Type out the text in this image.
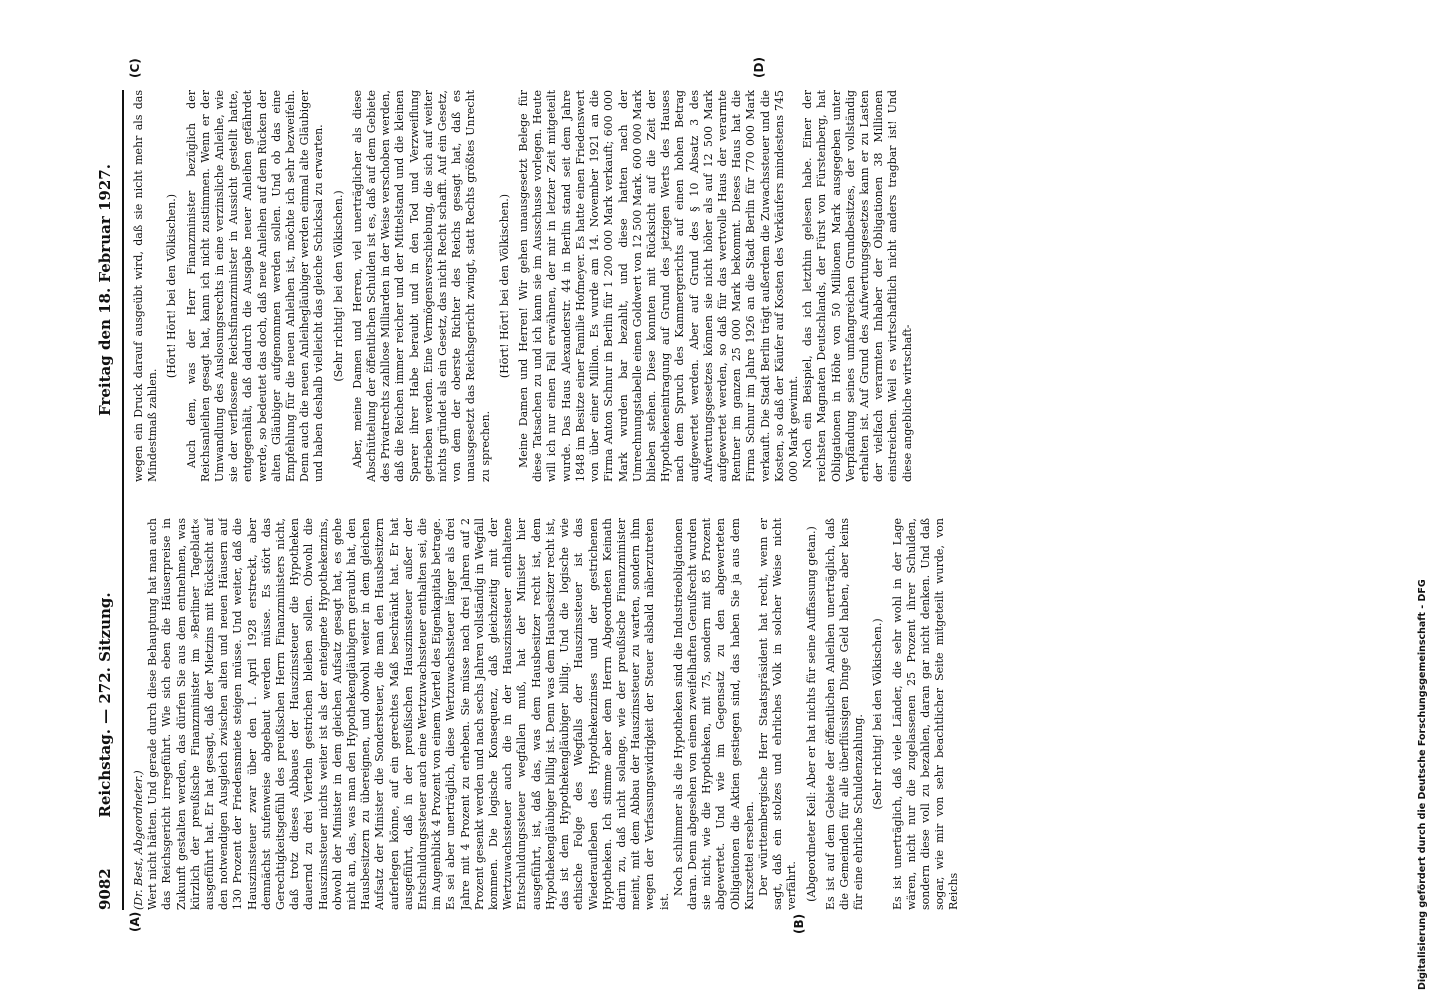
9082
Reichstag. — 272. Sitzung.
Freitag den 18. Februar 1927.
(A)	(B)
(C)	(D)

(Dr. Best, Abgeordneter.) Wert nicht hätten. Und gerade durch diese Behauptung hat man auch das Reichsgericht irregeführt. Wie sich eben die Häuserpreise in Zukunft gestalten werden, das dürfen Sie aus dem entnehmen, was kürzlich der preußische Finanzminister im »Berliner Tageblatt« ausgeführt hat. Er hat gesagt, daß der Mietzins mit Rücksicht auf den notwendigen Ausgleich zwischen alten und neuen Häusern auf 130 Prozent der Friedensmiete steigen müsse. Und weiter, daß die Hauszinssteuer zwar über den 1. April 1928 erstreckt, aber demnächst stufenweise abgebaut werden müsse. Es stört das Gerechtigkeitsgefühl des preußischen Herrn Finanzministers nicht, daß trotz dieses Abbaues der Hauszinssteuer die Hypotheken dauernd zu drei Vierteln gestrichen bleiben sollen. Obwohl die Hauszinssteuer nichts weiter ist als der enteignete Hypothekenzins, obwohl der Minister in dem gleichen Aufsatz gesagt hat, es gehe nicht an, das, was man den Hypothekengläubigern geraubt hat, den Hausbesitzern zu übereignen, und obwohl weiter in dem gleichen Aufsatz der Minister die Sondersteuer, die man den Hausbesitzern auferlegen könne, auf ein gerechtes Maß beschränkt hat. Er hat ausgeführt, daß in der preußischen Hauszinssteuer außer der Entschuldungssteuer auch eine Wertzuwachssteuer enthalten sei, die im Augenblick 4 Prozent von einem Viertel des Eigenkapitals betrage. Es sei aber unerträglich, diese Wertzuwachssteuer länger als drei Jahre mit 4 Prozent zu erheben. Sie müsse nach drei Jahren auf 2 Prozent gesenkt werden und nach sechs Jahren vollständig in Wegfall kommen. Die logische Konsequenz, daß gleichzeitig mit der Wertzuwachssteuer auch die in der Hauszinssteuer enthaltene Entschuldungssteuer wegfallen muß, hat der Minister hier ausgeführt, ist, daß das, was dem Hausbesitzer recht ist, dem Hypothekengläubiger billig ist. Denn was dem Hausbesitzer recht ist, das ist dem Hypothekengläubiger billig. Und die logische wie ethische Folge des Wegfalls der Hauszinssteuer ist das Wiederaufleben des Hypothekenzinses und der gestrichenen Hypotheken. Ich stimme aber dem Herrn Abgeordneten Keinath darin zu, daß nicht solange, wie der preußische Finanzminister meint, mit dem Abbau der Hauszinssteuer zu warten, sondern ihm wegen der Verfassungswidrigkeit der Steuer alsbald näherzutreten ist.

Noch schlimmer als die Hypotheken sind die Industrieobligationen daran. Denn abgesehen von einem zweifelhaften Genußrecht wurden sie nicht, wie die Hypotheken, mit 75, sondern mit 85 Prozent abgewertet. Und wie im Gegensatz zu den abgewerteten Obligationen die Aktien gestiegen sind, das haben Sie ja aus dem Kurszettel ersehen. Der württembergische Herr Staatspräsident hat recht, wenn er sagt, daß ein stolzes und ehrliches Volk in solcher Weise nicht verfährt. (Abgeordneter Keil: Aber er hat nichts für seine Auffassung getan.) Es ist auf dem Gebiete der öffentlichen Anleihen unerträglich, daß die Gemeinden für alle überflüssigen Dinge Geld haben, aber keins für eine ehrliche Schuldenzahlung.

(Sehr richtig! bei den Völkischen.) Es ist unerträglich, daß viele Länder, die sehr wohl in der Lage wären, nicht nur die zugelassenen 25 Prozent ihrer Schulden, sondern diese voll zu bezahlen, daran gar nicht denken. Und daß sogar, wie mir von sehr beachtlicher Seite mitgeteilt wurde, von Reichs

wegen ein Druck darauf ausgeübt wird, daß sie nicht mehr als das Mindestmaß zahlen.

(Hört! Hört! bei den Völkischen.) Auch dem, was der Herr Finanzminister bezüglich der Reichsanleihen gesagt hat, kann ich nicht zustimmen. Wenn er der Umwandlung des Auslosungsrechts in eine verzinsliche Anleihe, wie sie der verflossene Reichsfinanzminister in Aussicht gestellt hatte, entgegenhält, daß dadurch die Ausgabe neuer Anleihen gefährdet werde, so bedeutet das doch, daß neue Anleihen auf dem Rücken der alten Gläubiger aufgenommen werden sollen. Und ob das eine Empfehlung für die neuen Anleihen ist, möchte ich sehr bezweifeln. Denn auch die neuen Anleihegläubiger werden einmal alte Gläubiger und haben deshalb vielleicht das gleiche Schicksal zu erwarten. (Sehr richtig! bei den Völkischen.) Aber, meine Damen und Herren, viel unerträglicher als diese Abschüttelung der öffentlichen Schulden ist es, daß auf dem Gebiete des Privatrechts zahllose Milliarden in der Weise verschoben werden, daß die Reichen immer reicher und der Mittelstand und die kleinen Sparer ihrer Habe beraubt und in den Tod und Verzweiflung getrieben werden. Eine Vermögensverschiebung, die sich auf weiter nichts gründet als ein Gesetz, das nicht Recht schafft. Auf ein Gesetz, von dem der oberste Richter des Reichs gesagt hat, daß es unausgesetzt das Reichsgericht zwingt, statt Rechts größtes Unrecht zu sprechen.

(Hört! Hört! bei den Völkischen.) Meine Damen und Herren! Wir gehen unausgesetzt Belege für diese Tatsachen zu und ich kann sie im Ausschusse vorlegen. Heute will ich nur einen Fall erwähnen, der mir in letzter Zeit mitgeteilt wurde. Das Haus Alexanderstr. 44 in Berlin stand seit dem Jahre 1848 im Besitze einer Familie Hofmeyer. Es hatte einen Friedenswert von über einer Million. Es wurde am 14. November 1921 an die Firma Anton Schnur in Berlin für 1 200 000 Mark verkauft; 600 000 Mark wurden bar bezahlt, und diese hatten nach der Umrechnungstabelle einen Goldwert von 12 500 Mark. 600 000 Mark blieben stehen. Diese konnten mit Rücksicht auf die Zeit der Hypothekeneintragung auf Grund des jetzigen Werts des Hauses nach dem Spruch des Kammergerichts auf einen hohen Betrag aufgewertet werden. Aber auf Grund des § 10 Absatz 3 des Aufwertungsgesetzes können sie nicht höher als auf 12 500 Mark aufgewertet werden, so daß für das wertvolle Haus der verarmte Rentner im ganzen 25 000 Mark bekommt. Dieses Haus hat die Firma Schnur im Jahre 1926 an die Stadt Berlin für 770 000 Mark verkauft. Die Stadt Berlin trägt außerdem die Zuwachssteuer und die Kosten, so daß der Käufer auf Kosten des Verkäufers mindestens 745 000 Mark gewinnt. Noch ein Beispiel, das ich letzthin gelesen habe. Einer der reichsten Magnaten Deutschlands, der Fürst von Fürstenberg, hat Obligationen in Höhe von 50 Millionen Mark ausgegeben unter Verpfändung seines umfangreichen Grundbesitzes, der vollständig erhalten ist. Auf Grund des Aufwertungsgesetzes kann er zu Lasten der vielfach verarmten Inhaber der Obligationen 38 Millionen einstreichen. Weil es wirtschaftlich nicht anders tragbar ist! Und diese angebliche wirtschaft-

Digitalisierung gefördert durch die Deutsche Forschungsgemeinschaft - DFG
